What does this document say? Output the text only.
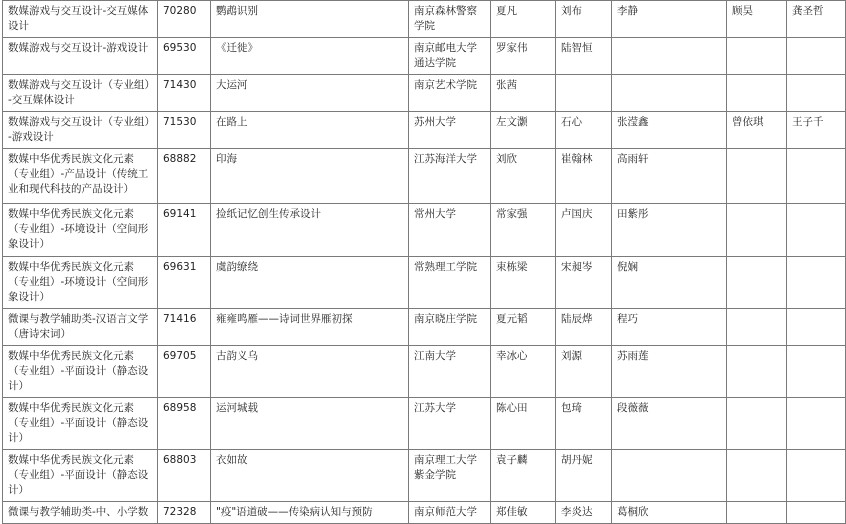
数媒游戏与交互设计-交互媒体设计	70280	鹦鹉识别	南京森林警察学院	夏凡	刘布	李静	顾昊	龚圣哲
数媒游戏与交互设计-游戏设计	69530	《迁徙》	南京邮电大学通达学院	罗家伟	陆智恒			
数媒游戏与交互设计（专业组）-交互媒体设计	71430	大运河	南京艺术学院	张茜				
数媒游戏与交互设计（专业组）-游戏设计	71530	在路上	苏州大学	左文灏	石心	张滢鑫	曾依琪	王子千
数媒中华优秀民族文化元素（专业组）-产品设计（传统工业和现代科技的产品设计）	68882	印海	江苏海洋大学	刘欣	崔翰林	高雨轩		
数媒中华优秀民族文化元素（专业组）-环境设计（空间形象设计）	69141	捡纸记忆创生传承设计	常州大学	常家强	卢国庆	田紫彤		
数媒中华优秀民族文化元素（专业组）-环境设计（空间形象设计）	69631	虞韵缭绕	常熟理工学院	束栋梁	宋昶岑	倪娴		
微课与教学辅助类-汉语言文学（唐诗宋词）	71416	雍雍鸣雁——诗词世界雁初探	南京晓庄学院	夏元韬	陆辰烨	程巧		
数媒中华优秀民族文化元素（专业组）-平面设计（静态设计）	69705	古韵义乌	江南大学	幸冰心	刘源	苏雨莲		
数媒中华优秀民族文化元素（专业组）-平面设计（静态设计）	68958	运河城载	江苏大学	陈心田	包琦	段薇薇		
数媒中华优秀民族文化元素（专业组）-平面设计（静态设计）	68803	衣如故	南京理工大学紫金学院	袁子麟	胡丹妮			
微课与教学辅助类-中、小学数	72328	"疫"语道破——传染病认知与预防	南京师范大学	郑佳敏	李炎达	葛桐欣		
